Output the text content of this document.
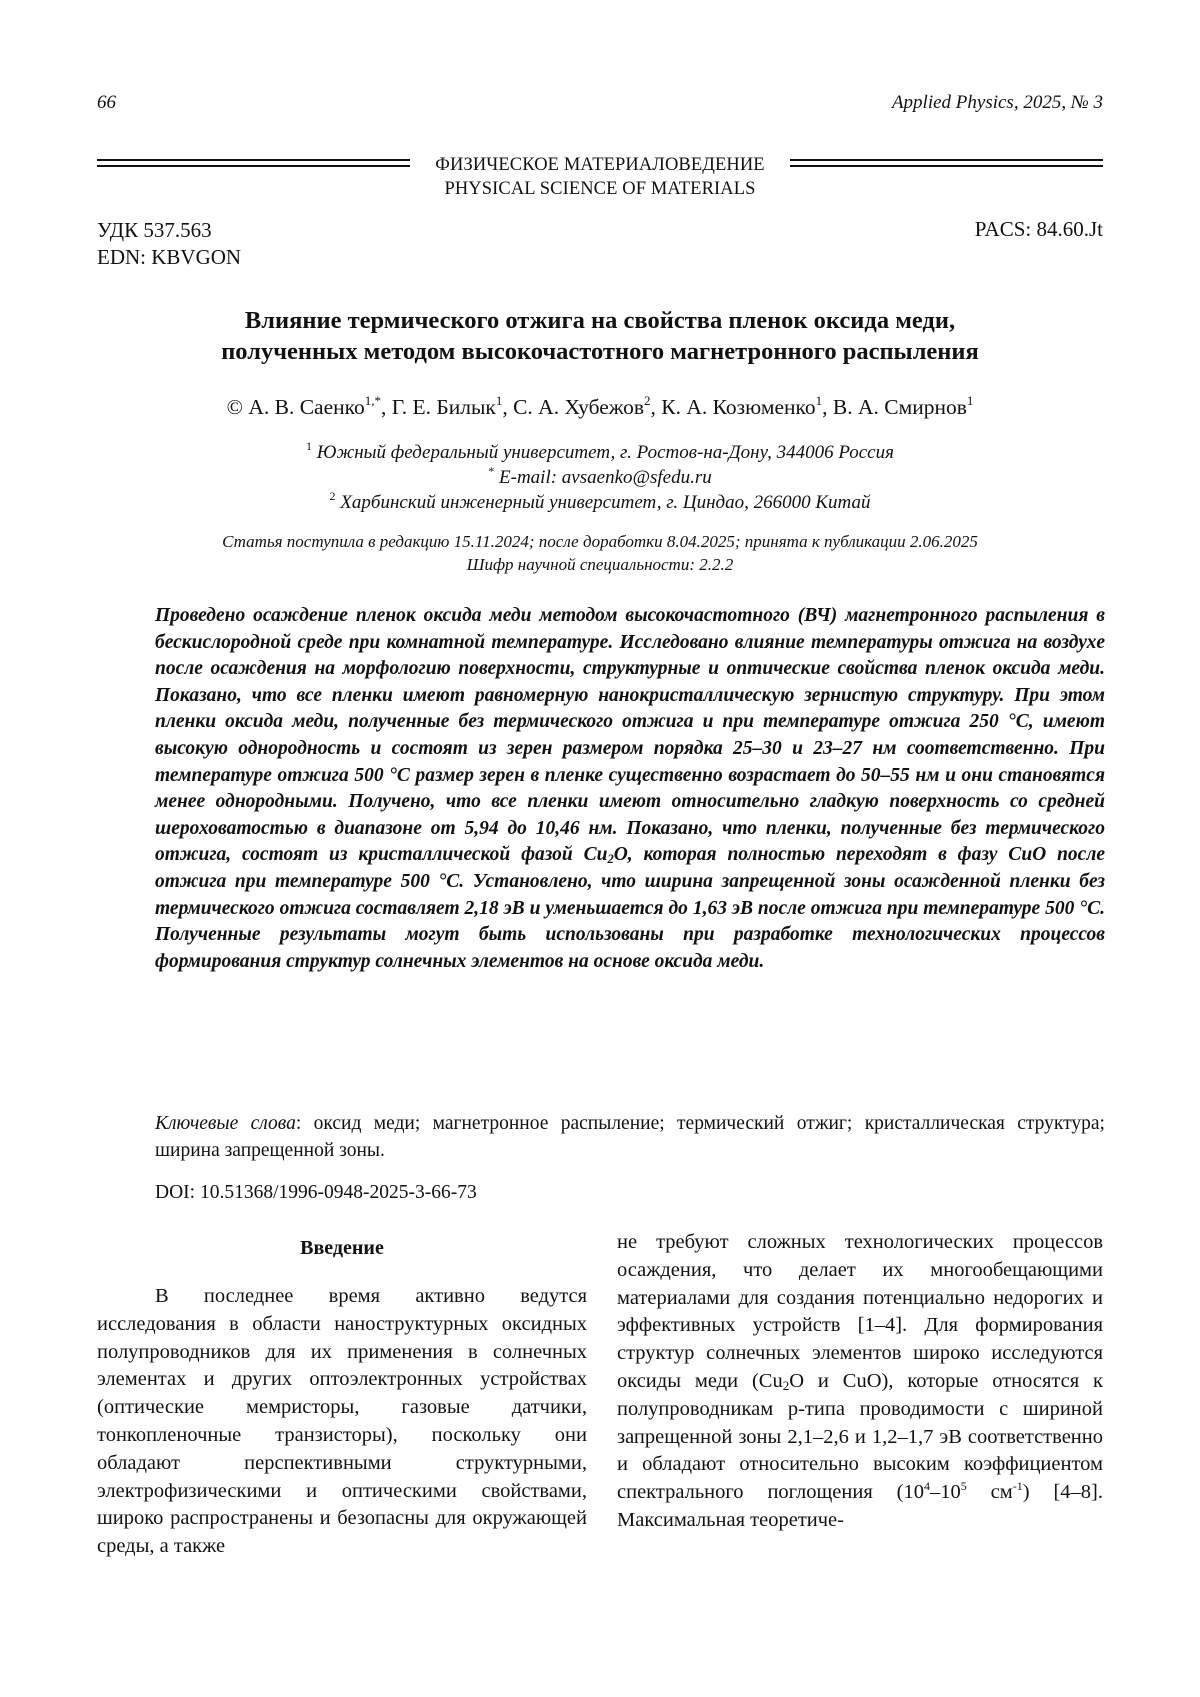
66	Applied Physics, 2025, № 3
ФИЗИЧЕСКОЕ МАТЕРИАЛОВЕДЕНИЕ
PHYSICAL SCIENCE OF MATERIALS
УДК 537.563
EDN: KBVGON
PACS: 84.60.Jt
Влияние термического отжига на свойства пленок оксида меди,
полученных методом высокочастотного магнетронного распыления
© А. В. Саенко$^{1,*}$, Г. Е. Билык$^1$, С. А. Хубежов$^2$, К. А. Козюменко$^1$, В. А. Смирнов$^1$
$^1$ Южный федеральный университет, г. Ростов-на-Дону, 344006 Россия
* E-mail: avsaenko@sfedu.ru
$^2$ Харбинский инженерный университет, г. Циндао, 266000 Китай
Статья поступила в редакцию 15.11.2024; после доработки 8.04.2025; принята к публикации 2.06.2025
Шифр научной специальности: 2.2.2
Проведено осаждение пленок оксида меди методом высокочастотного (ВЧ) магнетронного распыления в бескислородной среде при комнатной температуре. Исследовано влияние температуры отжига на воздухе после осаждения на морфологию поверхности, структурные и оптические свойства пленок оксида меди. Показано, что все пленки имеют равномерную нанокристаллическую зернистую структуру. При этом пленки оксида меди, полученные без термического отжига и при температуре отжига 250 °С, имеют высокую однородность и состоят из зерен размером порядка 25–30 и 23–27 нм соответственно. При температуре отжига 500 °С размер зерен в пленке существенно возрастает до 50–55 нм и они становятся менее однородными. Получено, что все пленки имеют относительно гладкую поверхность со средней шероховатостью в диапазоне от 5,94 до 10,46 нм. Показано, что пленки, полученные без термического отжига, состоят из кристаллической фазой $Cu_2O$, которая полностью переходят в фазу CuO после отжига при температуре 500 °С. Установлено, что ширина запрещенной зоны осажденной пленки без термического отжига составляет 2,18 эВ и уменьшается до 1,63 эВ после отжига при температуре 500 °С. Полученные результаты могут быть использованы при разработке технологических процессов формирования структур солнечных элементов на основе оксида меди.
Ключевые слова: оксид меди; магнетронное распыление; термический отжиг; кристаллическая структура; ширина запрещенной зоны.
DOI: 10.51368/1996-0948-2025-3-66-73
Введение
В последнее время активно ведутся исследования в области наноструктурных оксидных полупроводников для их применения в солнечных элементах и других оптоэлектронных устройствах (оптические мемристоры, газовые датчики, тонкопленочные транзисторы), поскольку они обладают перспективными структурными, электрофизическими и оптическими свойствами, широко распространены и безопасны для окружающей среды, а также
не требуют сложных технологических процессов осаждения, что делает их многообещающими материалами для создания потенциально недорогих и эффективных устройств [1–4]. Для формирования структур солнечных элементов широко исследуются оксиды меди ($Cu_2O$ и CuO), которые относятся к полупроводникам p-типа проводимости с шириной запрещенной зоны 2,1–2,6 и 1,2–1,7 эВ соответственно и обладают относительно высоким коэффициентом спектрального поглощения ($10^4-10^5$ $см^{-1}$) [4–8]. Максимальная теоретиче-
